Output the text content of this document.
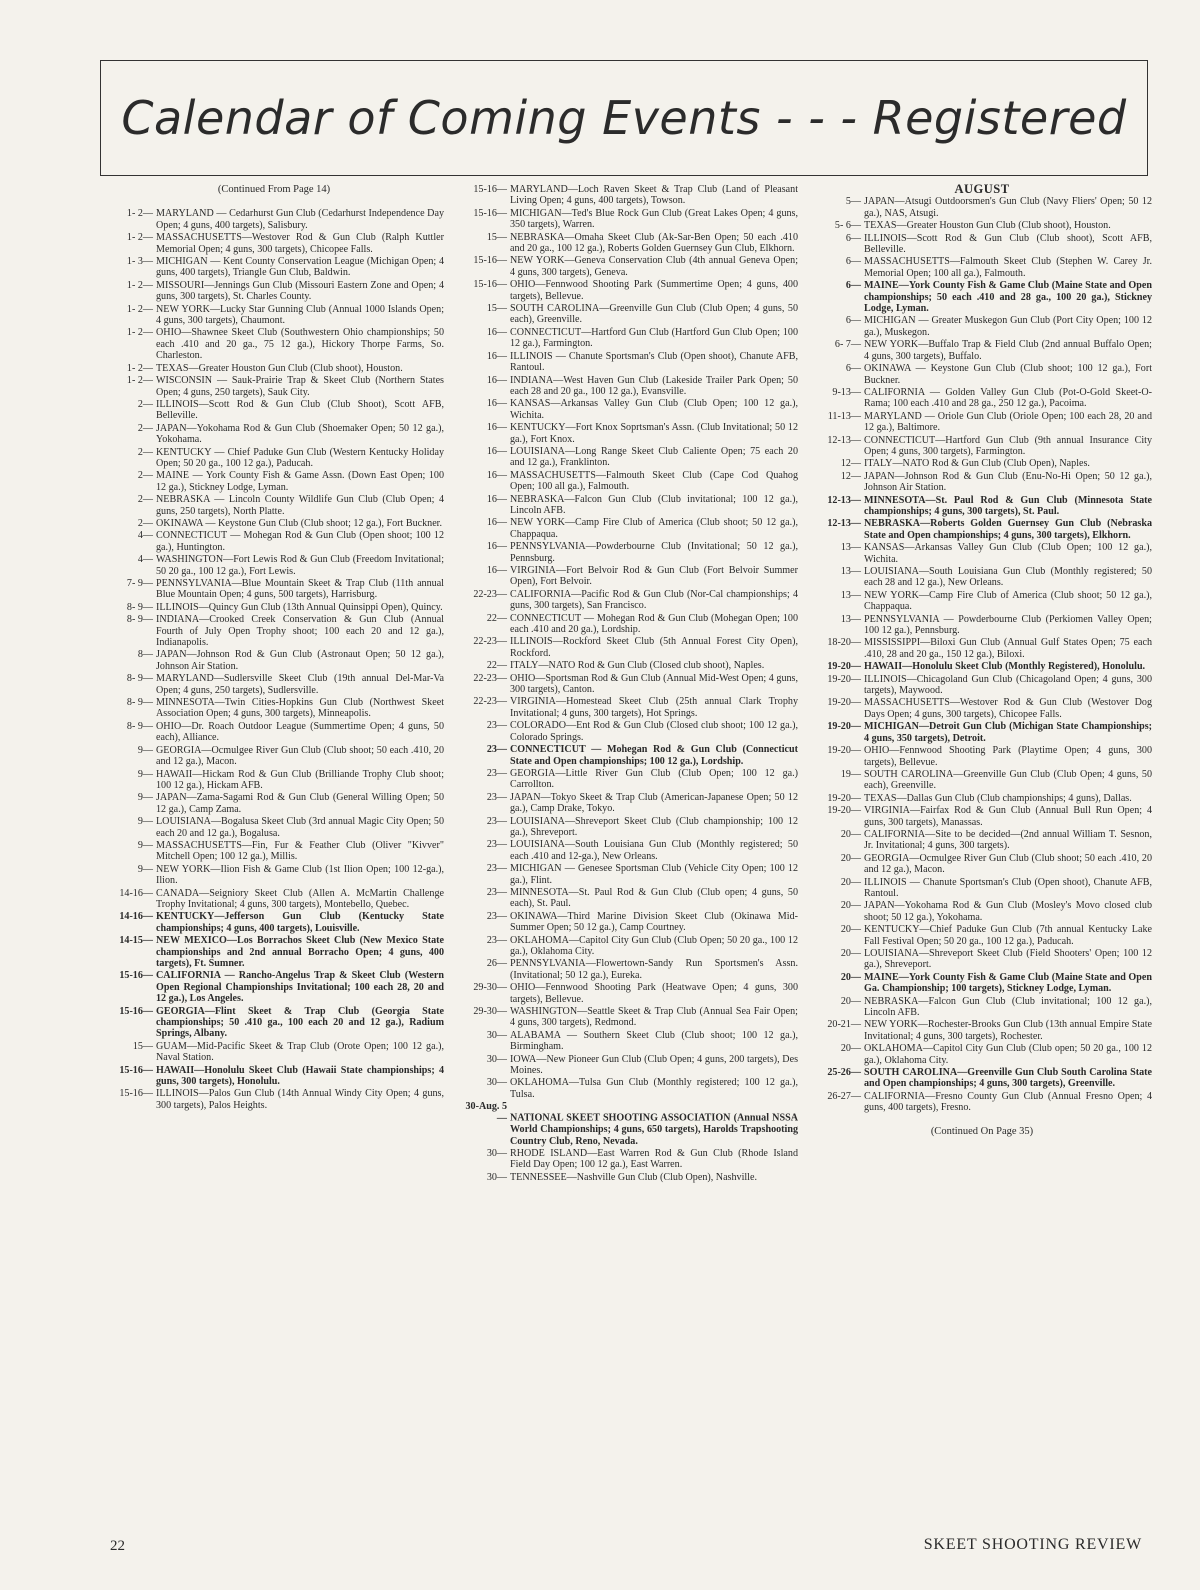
Calendar of Coming Events - - - Registered
(Continued From Page 14)
1- 2— MARYLAND — Cedarhurst Gun Club (Cedarhurst Independence Day Open; 4 guns, 400 targets), Salisbury.
1- 2— MASSACHUSETTS—Westover Rod & Gun Club (Ralph Kuttler Memorial Open; 4 guns, 300 targets), Chicopee Falls.
1- 3— MICHIGAN — Kent County Conservation League (Michigan Open; 4 guns, 400 targets), Triangle Gun Club, Baldwin.
1- 2— MISSOURI—Jennings Gun Club (Missouri Eastern Zone and Open; 4 guns, 300 targets), St. Charles County.
1- 2— NEW YORK—Lucky Star Gunning Club (Annual 1000 Islands Open; 4 guns, 300 targets), Chaumont.
1- 2— OHIO—Shawnee Skeet Club (Southwestern Ohio championships; 50 each .410 and 20 ga., 75 12 ga.), Hickory Thorpe Farms, So. Charleston.
1- 2— TEXAS—Greater Houston Gun Club (Club shoot), Houston.
1- 2— WISCONSIN — Sauk-Prairie Trap & Skeet Club (Northern States Open; 4 guns, 250 targets), Sauk City.
2— ILLINOIS—Scott Rod & Gun Club (Club Shoot), Scott AFB, Belleville.
2— JAPAN—Yokohama Rod & Gun Club (Shoemaker Open; 50 12 ga.), Yokohama.
2— KENTUCKY — Chief Paduke Gun Club (Western Kentucky Holiday Open; 50 20 ga., 100 12 ga.), Paducah.
2— MAINE — York County Fish & Game Assn. (Down East Open; 100 12 ga.), Stickney Lodge, Lyman.
2— NEBRASKA — Lincoln County Wildlife Gun Club (Club Open; 4 guns, 250 targets), North Platte.
2— OKINAWA — Keystone Gun Club (Club shoot; 12 ga.), Fort Buckner.
4— CONNECTICUT — Mohegan Rod & Gun Club (Open shoot; 100 12 ga.), Huntington.
4— WASHINGTON—Fort Lewis Rod & Gun Club (Freedom Invitational; 50 20 ga., 100 12 ga.), Fort Lewis.
7- 9— PENNSYLVANIA—Blue Mountain Skeet & Trap Club (11th annual Blue Mountain Open; 4 guns, 500 targets), Harrisburg.
8- 9— ILLINOIS—Quincy Gun Club (13th Annual Quinsippi Open), Quincy.
8- 9— INDIANA—Crooked Creek Conservation & Gun Club (Annual Fourth of July Open Trophy shoot; 100 each 20 and 12 ga.), Indianapolis.
8— JAPAN—Johnson Rod & Gun Club (Astronaut Open; 50 12 ga.), Johnson Air Station.
8- 9— MARYLAND—Sudlersville Skeet Club (19th annual Del-Mar-Va Open; 4 guns, 250 targets), Sudlersville.
8- 9— MINNESOTA—Twin Cities-Hopkins Gun Club (Northwest Skeet Association Open; 4 guns, 300 targets), Minneapolis.
8- 9— OHIO—Dr. Roach Outdoor League (Summertime Open; 4 guns, 50 each), Alliance.
9— GEORGIA—Ocmulgee River Gun Club (Club shoot; 50 each .410, 20 and 12 ga.), Macon.
9— HAWAII—Hickam Rod & Gun Club (Brilliande Trophy Club shoot; 100 12 ga.), Hickam AFB.
9— JAPAN—Zama-Sagami Rod & Gun Club (General Willing Open; 50 12 ga.), Camp Zama.
9— LOUISIANA—Bogalusa Skeet Club (3rd annual Magic City Open; 50 each 20 and 12 ga.), Bogalusa.
9— MASSACHUSETTS—Fin, Fur & Feather Club (Oliver "Kivver" Mitchell Open; 100 12 ga.), Millis.
9— NEW YORK—Ilion Fish & Game Club (1st Ilion Open; 100 12-ga.), Ilion.
14-16— CANADA—Seigniory Skeet Club (Allen A. McMartin Challenge Trophy Invitational; 4 guns, 300 targets), Montebello, Quebec.
14-16— KENTUCKY—Jefferson Gun Club (Kentucky State championships; 4 guns, 400 targets), Louisville.
14-15— NEW MEXICO—Los Borrachos Skeet Club (New Mexico State championships and 2nd annual Borracho Open; 4 guns, 400 targets), Ft. Sumner.
15-16— CALIFORNIA — Rancho-Angelus Trap & Skeet Club (Western Open Regional Championships Invitational; 100 each 28, 20 and 12 ga.), Los Angeles.
15-16— GEORGIA—Flint Skeet & Trap Club (Georgia State championships; 50 .410 ga., 100 each 20 and 12 ga.), Radium Springs, Albany.
15— GUAM—Mid-Pacific Skeet & Trap Club (Orote Open; 100 12 ga.), Naval Station.
15-16— HAWAII—Honolulu Skeet Club (Hawaii State championships; 4 guns, 300 targets), Honolulu.
15-16— ILLINOIS—Palos Gun Club (14th Annual Windy City Open; 4 guns, 300 targets), Palos Heights.
15-16— MARYLAND—Loch Raven Skeet & Trap Club (Land of Pleasant Living Open; 4 guns, 400 targets), Towson.
15-16— MICHIGAN—Ted's Blue Rock Gun Club (Great Lakes Open; 4 guns, 350 targets), Warren.
15— NEBRASKA—Omaha Skeet Club (Ak-Sar-Ben Open; 50 each .410 and 20 ga., 100 12 ga.), Roberts Golden Guernsey Gun Club, Elkhorn.
15-16— NEW YORK—Geneva Conservation Club (4th annual Geneva Open; 4 guns, 300 targets), Geneva.
15-16— OHIO—Fennwood Shooting Park (Summertime Open; 4 guns, 400 targets), Bellevue.
15— SOUTH CAROLINA—Greenville Gun Club (Club Open; 4 guns, 50 each), Greenville.
16— CONNECTICUT—Hartford Gun Club (Hartford Gun Club Open; 100 12 ga.), Farmington.
16— ILLINOIS — Chanute Sportsman's Club (Open shoot), Chanute AFB, Rantoul.
16— INDIANA—West Haven Gun Club (Lakeside Trailer Park Open; 50 each 28 and 20 ga., 100 12 ga.), Evansville.
16— KANSAS—Arkansas Valley Gun Club (Club Open; 100 12 ga.), Wichita.
16— KENTUCKY—Fort Knox Soprtsman's Assn. (Club Invitational; 50 12 ga.), Fort Knox.
16— LOUISIANA—Long Range Skeet Club Caliente Open; 75 each 20 and 12 ga.), Franklinton.
16— MASSACHUSETTS—Falmouth Skeet Club (Cape Cod Quahog Open; 100 all ga.), Falmouth.
16— NEBRASKA—Falcon Gun Club (Club invitational; 100 12 ga.), Lincoln AFB.
16— NEW YORK—Camp Fire Club of America (Club shoot; 50 12 ga.), Chappaqua.
16— PENNSYLVANIA—Powderbourne Club (Invitational; 50 12 ga.), Pennsburg.
16— VIRGINIA—Fort Belvoir Rod & Gun Club (Fort Belvoir Summer Open), Fort Belvoir.
22-23— CALIFORNIA—Pacific Rod & Gun Club (Nor-Cal championships; 4 guns, 300 targets), San Francisco.
22— CONNECTICUT — Mohegan Rod & Gun Club (Mohegan Open; 100 each .410 and 20 ga.), Lordship.
22-23— ILLINOIS—Rockford Skeet Club (5th Annual Forest City Open), Rockford.
22— ITALY—NATO Rod & Gun Club (Closed club shoot), Naples.
22-23— OHIO—Sportsman Rod & Gun Club (Annual Mid-West Open; 4 guns, 300 targets), Canton.
22-23— VIRGINIA—Homestead Skeet Club (25th annual Clark Trophy Invitational; 4 guns, 300 targets), Hot Springs.
23— COLORADO—Ent Rod & Gun Club (Closed club shoot; 100 12 ga.), Colorado Springs.
23— CONNECTICUT — Mohegan Rod & Gun Club (Connecticut State and Open championships; 100 12 ga.), Lordship.
23— GEORGIA—Little River Gun Club (Club Open; 100 12 ga.) Carrollton.
23— JAPAN—Tokyo Skeet & Trap Club (American-Japanese Open; 50 12 ga.), Camp Drake, Tokyo.
23— LOUISIANA—Shreveport Skeet Club (Club championship; 100 12 ga.), Shreveport.
23— LOUISIANA—South Louisiana Gun Club (Monthly registered; 50 each .410 and 12-ga.), New Orleans.
23— MICHIGAN — Genesee Sportsman Club (Vehicle City Open; 100 12 ga.), Flint.
23— MINNESOTA—St. Paul Rod & Gun Club (Club open; 4 guns, 50 each), St. Paul.
23— OKINAWA—Third Marine Division Skeet Club (Okinawa Mid-Summer Open; 50 12 ga.), Camp Courtney.
23— OKLAHOMA—Capitol City Gun Club (Club Open; 50 20 ga., 100 12 ga.), Oklahoma City.
26— PENNSYLVANIA—Flowertown-Sandy Run Sportsmen's Assn. (Invitational; 50 12 ga.), Eureka.
29-30— OHIO—Fennwood Shooting Park (Heatwave Open; 4 guns, 300 targets), Bellevue.
29-30— WASHINGTON—Seattle Skeet & Trap Club (Annual Sea Fair Open; 4 guns, 300 targets), Redmond.
30— ALABAMA — Southern Skeet Club (Club shoot; 100 12 ga.), Birmingham.
30— IOWA—New Pioneer Gun Club (Club Open; 4 guns, 200 targets), Des Moines.
30— OKLAHOMA—Tulsa Gun Club (Monthly registered; 100 12 ga.), Tulsa.
30-Aug. 5— NATIONAL SKEET SHOOTING ASSOCIATION (Annual NSSA World Championships; 4 guns, 650 targets), Harolds Trapshooting Country Club, Reno, Nevada.
30— RHODE ISLAND—East Warren Rod & Gun Club (Rhode Island Field Day Open; 100 12 ga.), East Warren.
30— TENNESSEE—Nashville Gun Club (Club Open), Nashville.
AUGUST
5— JAPAN—Atsugi Outdoorsmen's Gun Club (Navy Fliers' Open; 50 12 ga.), NAS, Atsugi.
5- 6— TEXAS—Greater Houston Gun Club (Club shoot), Houston.
6— ILLINOIS—Scott Rod & Gun Club (Club shoot), Scott AFB, Belleville.
6— MASSACHUSETTS—Falmouth Skeet Club (Stephen W. Carey Jr. Memorial Open; 100 all ga.), Falmouth.
6— MAINE—York County Fish & Game Club (Maine State and Open championships; 50 each .410 and 28 ga., 100 20 ga.), Stickney Lodge, Lyman.
6— MICHIGAN — Greater Muskegon Gun Club (Port City Open; 100 12 ga.), Muskegon.
6- 7— NEW YORK—Buffalo Trap & Field Club (2nd annual Buffalo Open; 4 guns, 300 targets), Buffalo.
6— OKINAWA — Keystone Gun Club (Club shoot; 100 12 ga.), Fort Buckner.
9-13— CALIFORNIA — Golden Valley Gun Club (Pot-O-Gold Skeet-O-Rama; 100 each .410 and 28 ga., 250 12 ga.), Pacoima.
11-13— MARYLAND — Oriole Gun Club (Oriole Open; 100 each 28, 20 and 12 ga.), Baltimore.
12-13— CONNECTICUT—Hartford Gun Club (9th annual Insurance City Open; 4 guns, 300 targets), Farmington.
12— ITALY—NATO Rod & Gun Club (Club Open), Naples.
12— JAPAN—Johnson Rod & Gun Club (Enu-No-Hi Open; 50 12 ga.), Johnson Air Station.
12-13— MINNESOTA—St. Paul Rod & Gun Club (Minnesota State championships; 4 guns, 300 targets), St. Paul.
12-13— NEBRASKA—Roberts Golden Guernsey Gun Club (Nebraska State and Open championships; 4 guns, 300 targets), Elkhorn.
13— KANSAS—Arkansas Valley Gun Club (Club Open; 100 12 ga.), Wichita.
13— LOUISIANA—South Louisiana Gun Club (Monthly registered; 50 each 28 and 12 ga.), New Orleans.
13— NEW YORK—Camp Fire Club of America (Club shoot; 50 12 ga.), Chappaqua.
13— PENNSYLVANIA — Powderbourne Club (Perkiomen Valley Open; 100 12 ga.), Pennsburg.
18-20— MISSISSIPPI—Biloxi Gun Club (Annual Gulf States Open; 75 each .410, 28 and 20 ga., 150 12 ga.), Biloxi.
19-20— HAWAII—Honolulu Skeet Club (Monthly Registered), Honolulu.
19-20— ILLINOIS—Chicagoland Gun Club (Chicagoland Open; 4 guns, 300 targets), Maywood.
19-20— MASSACHUSETTS—Westover Rod & Gun Club (Westover Dog Days Open; 4 guns, 300 targets), Chicopee Falls.
19-20— MICHIGAN—Detroit Gun Club (Michigan State Championships; 4 guns, 350 targets), Detroit.
19-20— OHIO—Fennwood Shooting Park (Playtime Open; 4 guns, 300 targets), Bellevue.
19— SOUTH CAROLINA—Greenville Gun Club (Club Open; 4 guns, 50 each), Greenville.
19-20— TEXAS—Dallas Gun Club (Club championships; 4 guns), Dallas.
19-20— VIRGINIA—Fairfax Rod & Gun Club (Annual Bull Run Open; 4 guns, 300 targets), Manassas.
20— CALIFORNIA—Site to be decided—(2nd annual William T. Sesnon, Jr. Invitational; 4 guns, 300 targets).
20— GEORGIA—Ocmulgee River Gun Club (Club shoot; 50 each .410, 20 and 12 ga.), Macon.
20— ILLINOIS — Chanute Sportsman's Club (Open shoot), Chanute AFB, Rantoul.
20— JAPAN—Yokohama Rod & Gun Club (Mosley's Movo closed club shoot; 50 12 ga.), Yokohama.
20— KENTUCKY—Chief Paduke Gun Club (7th annual Kentucky Lake Fall Festival Open; 50 20 ga., 100 12 ga.), Paducah.
20— LOUISIANA—Shreveport Skeet Club (Field Shooters' Open; 100 12 ga.), Shreveport.
20— MAINE—York County Fish & Game Club (Maine State and Open Ga. Championship; 100 targets), Stickney Lodge, Lyman.
20— NEBRASKA—Falcon Gun Club (Club invitational; 100 12 ga.), Lincoln AFB.
20-21— NEW YORK—Rochester-Brooks Gun Club (13th annual Empire State Invitational; 4 guns, 300 targets), Rochester.
20— OKLAHOMA—Capitol City Gun Club (Club open; 50 20 ga., 100 12 ga.), Oklahoma City.
25-26— SOUTH CAROLINA—Greenville Gun Club South Carolina State and Open championships; 4 guns, 300 targets), Greenville.
26-27— CALIFORNIA—Fresno County Gun Club (Annual Fresno Open; 4 guns, 400 targets), Fresno.
(Continued On Page 35)
22	SKEET SHOOTING REVIEW
